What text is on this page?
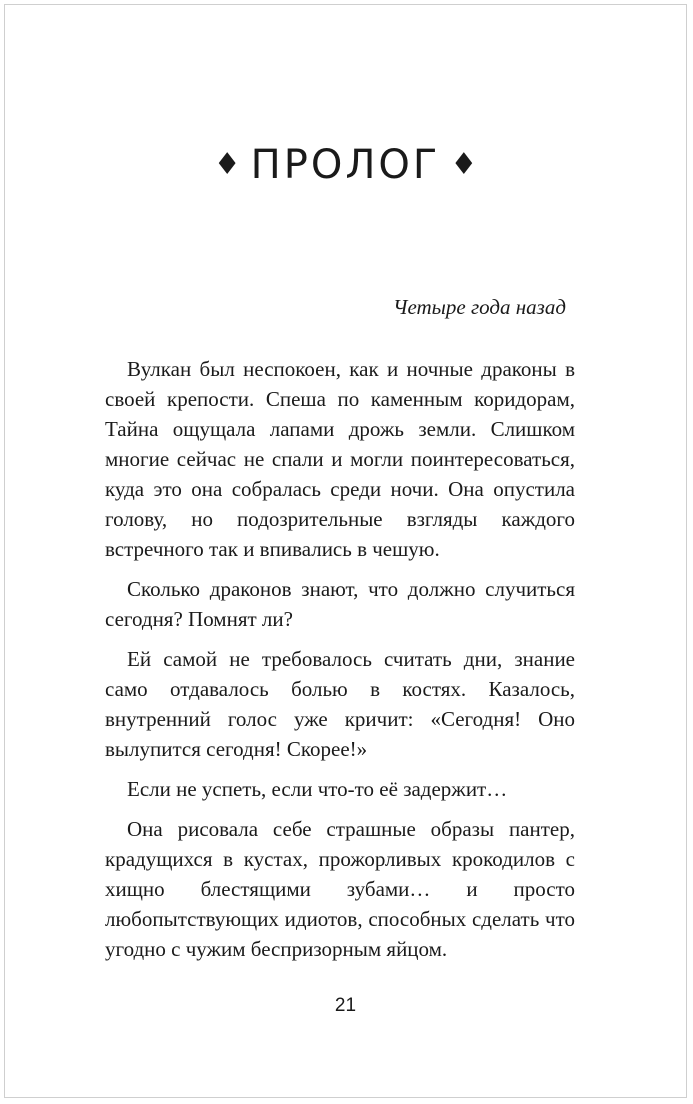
♦ ПРОЛОГ ♦
Четыре года назад

Вулкан был неспокоен, как и ночные драконы в своей крепости. Спеша по каменным коридорам, Тайна ощущала лапами дрожь земли. Слишком многие сейчас не спали и могли поинтересоваться, куда это она собралась среди ночи. Она опустила голову, но подозрительные взгляды каждого встречного так и впивались в чешую.

Сколько драконов знают, что должно случиться сегодня? Помнят ли?

Ей самой не требовалось считать дни, знание само отдавалось болью в костях. Казалось, внутренний голос уже кричит: «Сегодня! Оно вылупится сегодня! Скорее!»

Если не успеть, если что-то её задержит…

Она рисовала себе страшные образы пантер, крадущихся в кустах, прожорливых крокодилов с хищно блестящими зубами… и просто любопытствующих идиотов, способных сделать что угодно с чужим беспризорным яйцом.

21
